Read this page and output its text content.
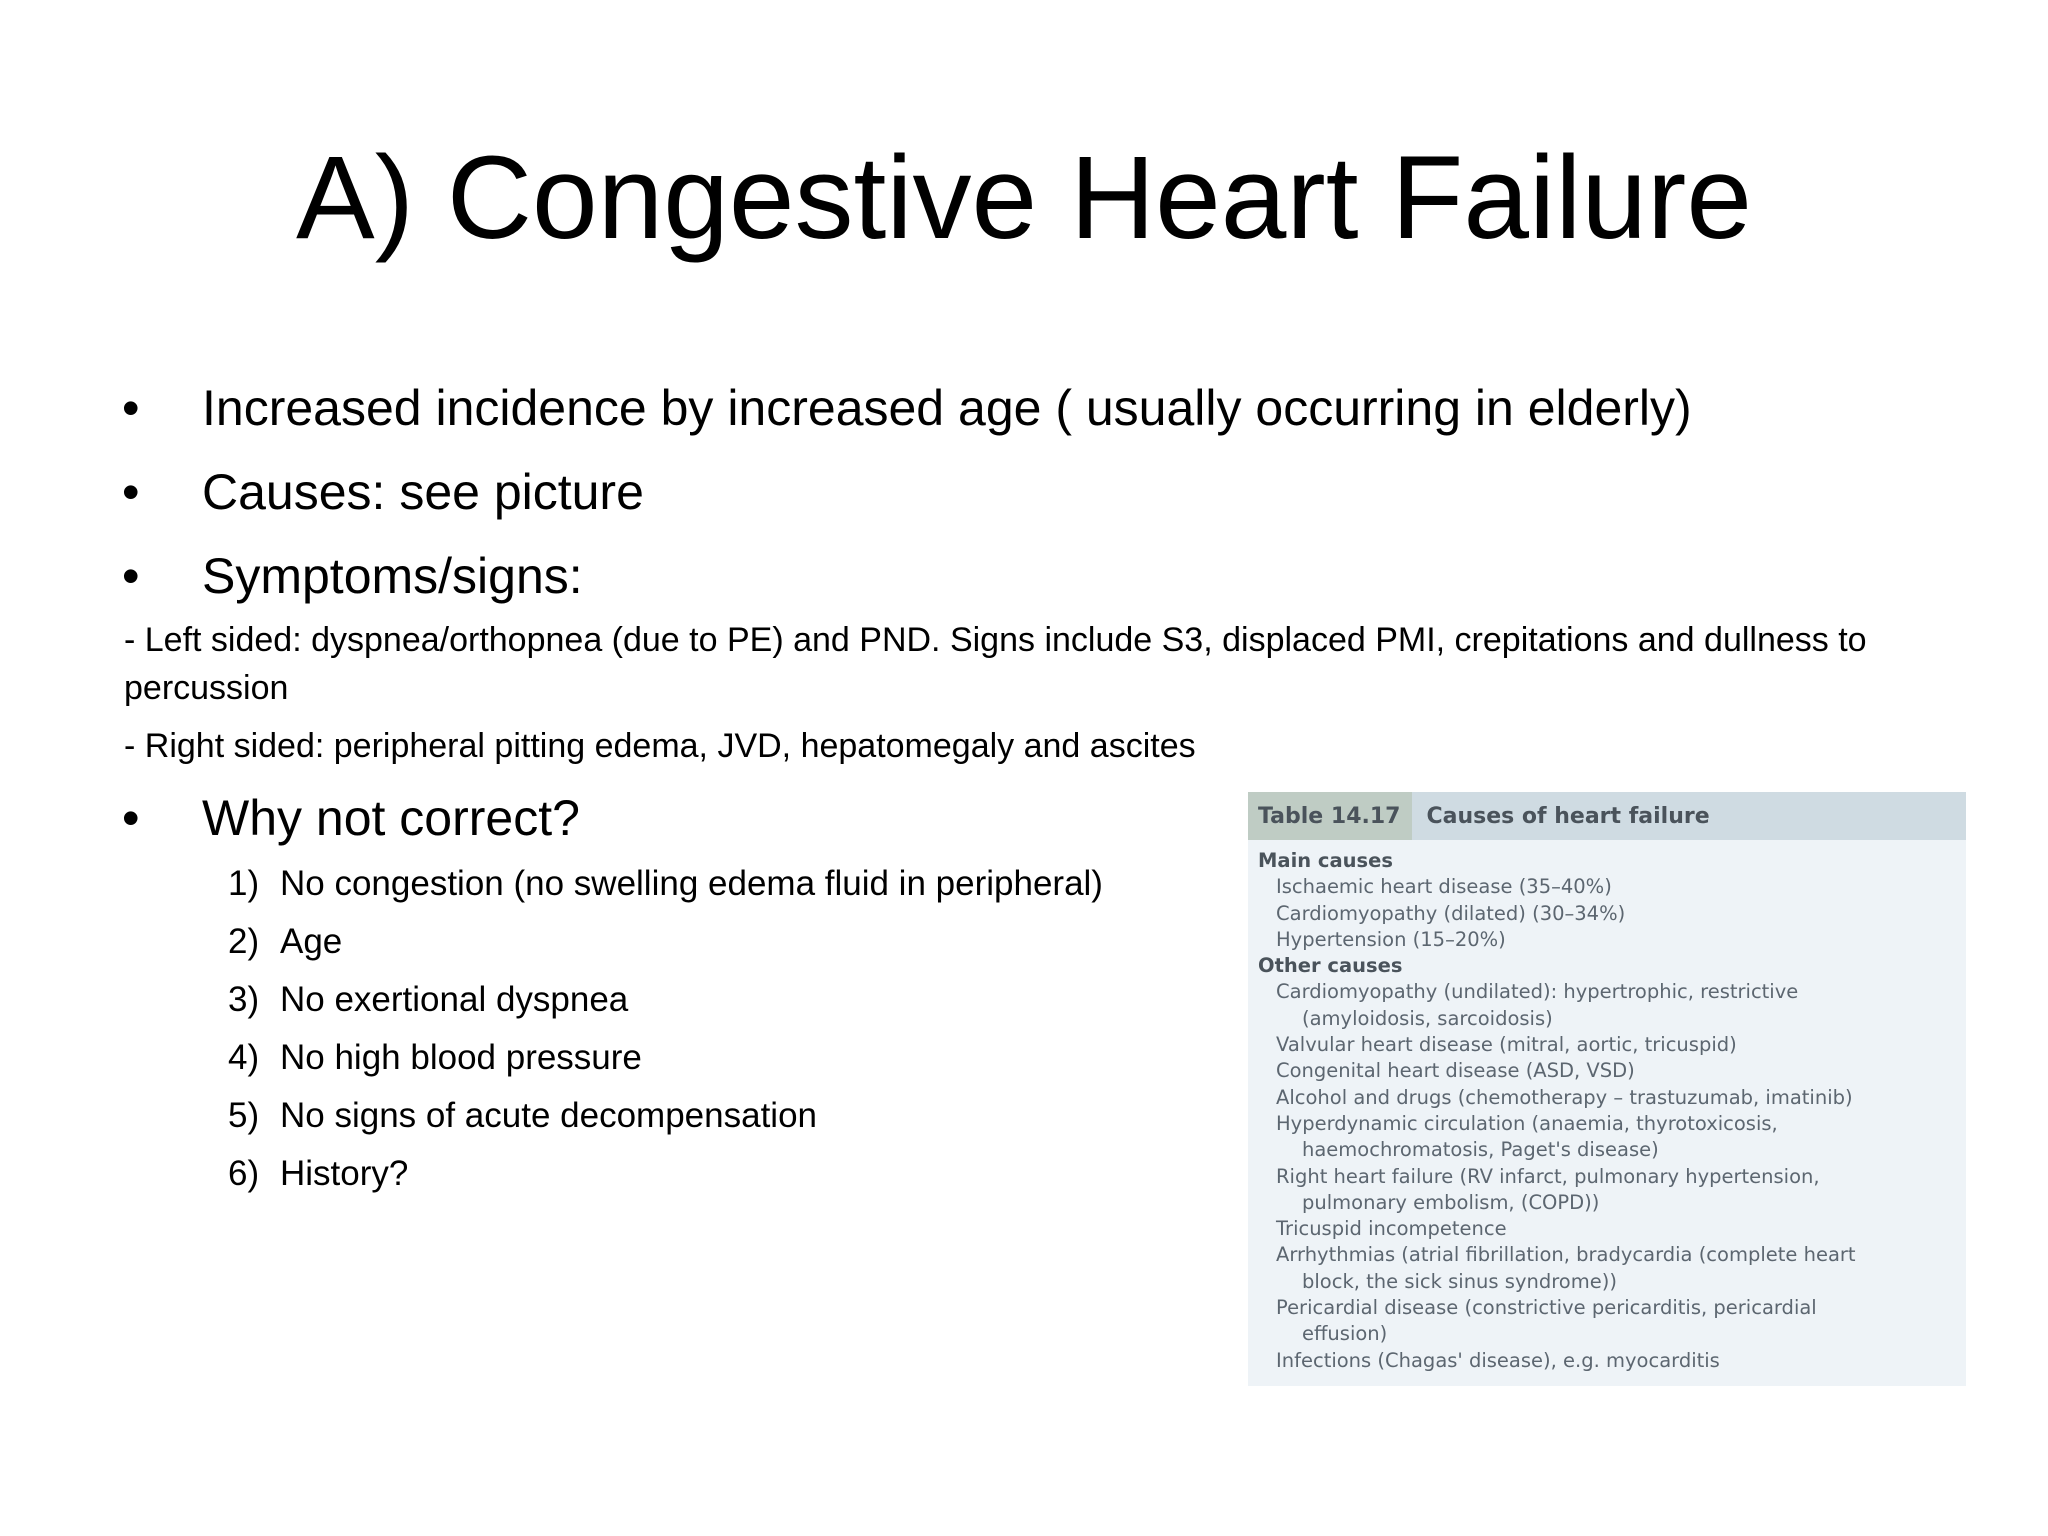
A) Congestive Heart Failure
• Increased incidence by increased age ( usually occurring in elderly)
• Causes: see picture
• Symptoms/signs:
- Left sided: dyspnea/orthopnea (due to PE) and PND. Signs include S3, displaced PMI, crepitations and dullness to percussion
- Right sided: peripheral pitting edema, JVD, hepatomegaly and ascites
• Why not correct?
1) No congestion (no swelling edema fluid in peripheral)
2) Age
3) No exertional dyspnea
4) No high blood pressure
5) No signs of acute decompensation
6) History?
Table 14.17	Causes of heart failure
Main causes
Ischaemic heart disease (35–40%)
Cardiomyopathy (dilated) (30–34%)
Hypertension (15–20%)
Other causes
Cardiomyopathy (undilated): hypertrophic, restrictive
(amyloidosis, sarcoidosis)
Valvular heart disease (mitral, aortic, tricuspid)
Congenital heart disease (ASD, VSD)
Alcohol and drugs (chemotherapy – trastuzumab, imatinib)
Hyperdynamic circulation (anaemia, thyrotoxicosis,
haemochromatosis, Paget's disease)
Right heart failure (RV infarct, pulmonary hypertension,
pulmonary embolism, (COPD))
Tricuspid incompetence
Arrhythmias (atrial fibrillation, bradycardia (complete heart
block, the sick sinus syndrome))
Pericardial disease (constrictive pericarditis, pericardial
effusion)
Infections (Chagas' disease), e.g. myocarditis
